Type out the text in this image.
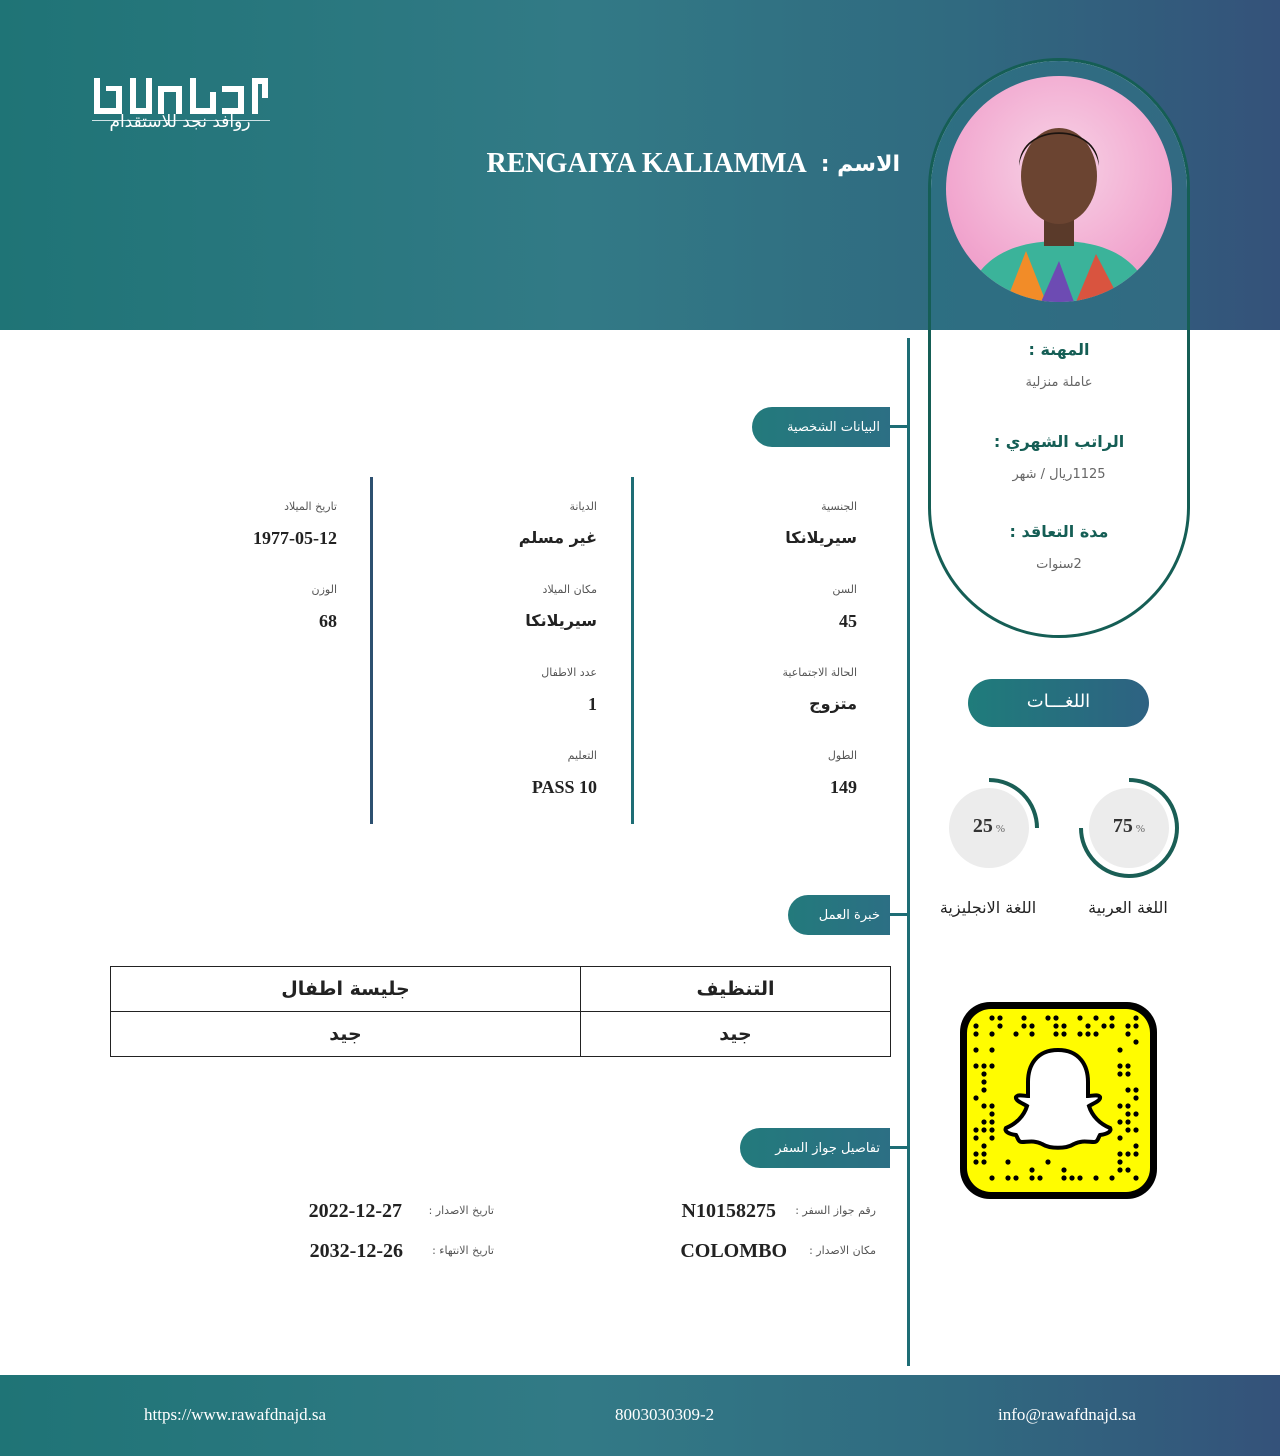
روافد نجد للاستقدام
الاسم :
RENGAIYA KALIAMMA
المهنة :
عاملة منزلية
الراتب الشهري :
1125ريال / شهر
مدة التعاقد :
2سنوات
البيانات الشخصية
خبرة العمل
تفاصيل جواز السفر
الجنسية
سيريلانكا
السن
45
الحالة الاجتماعية
متزوج
الطول
149
الديانة
غير مسلم
مكان الميلاد
سيريلانكا
عدد الاطفال
1
التعليم
PASS 10
تاريخ الميلاد
1977-05-12
الوزن
68
اللغـــات
75 %
25 %
اللغة العربية
اللغة الانجليزية
التنظيف	جليسة اطفال
جيد	جيد
رقم جواز السفر :
N10158275
تاريخ الاصدار :
2022-12-27
مكان الاصدار :
COLOMBO
تاريخ الانتهاء :
2032-12-26
https://www.rawafdnajd.sa	8003030309-2	info@rawafdnajd.sa
